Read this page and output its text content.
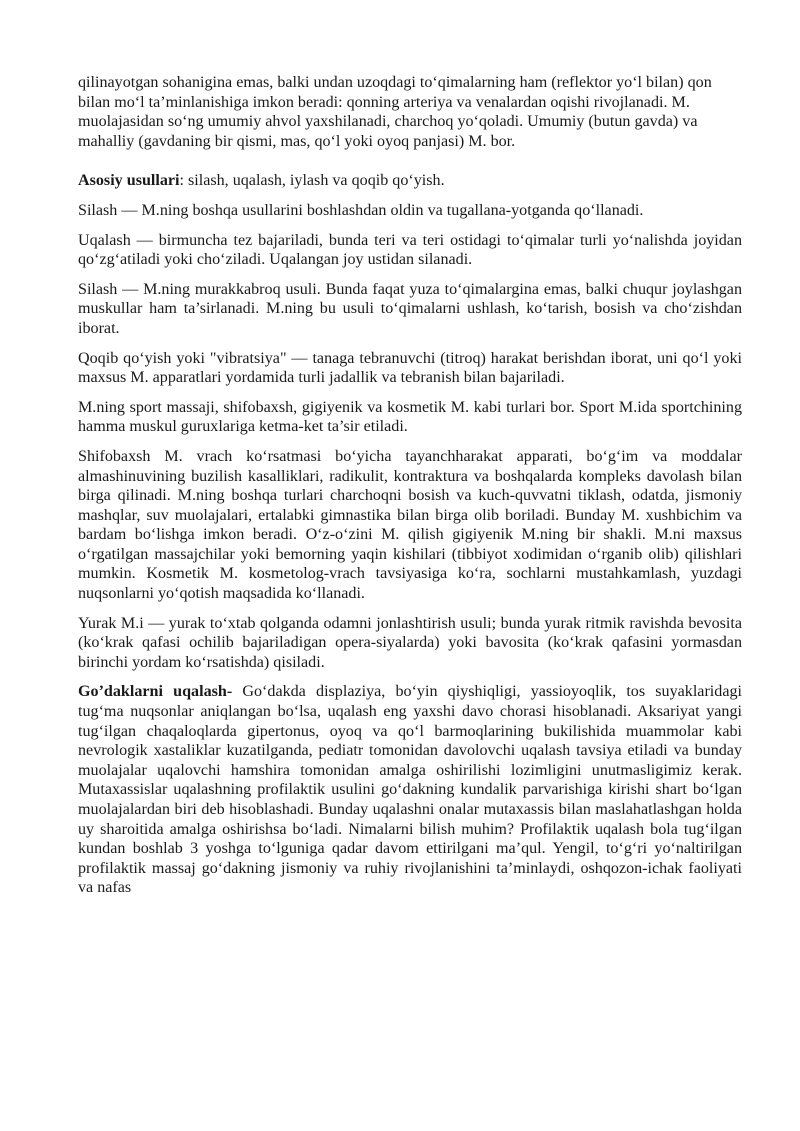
qilinayotgan sohanigina emas, balki undan uzoqdagi to‘qimalarning ham (reflektor yo‘l bilan) qon bilan mo‘l ta’minlanishiga imkon beradi: qonning arteriya va venalardan oqishi rivojlanadi. M. muolajasidan so‘ng umumiy ahvol yaxshilanadi, charchoq yo‘qoladi. Umumiy (butun gavda) va mahalliy (gavdaning bir qismi, mas, qo‘l yoki oyoq panjasi) M. bor.

Asosiy usullari: silash, uqalash, iylash va qoqib qo‘yish.

Silash — M.ning boshqa usullarini boshlashdan oldin va tugallana-yotganda qo‘llanadi.

Uqalash — birmuncha tez bajariladi, bunda teri va teri ostidagi to‘qimalar turli yo‘nalishda joyidan qo‘zg‘atiladi yoki cho‘ziladi. Uqalangan joy ustidan silanadi.

Silash — M.ning murakkabroq usuli. Bunda faqat yuza to‘qimalargina emas, balki chuqur joylashgan muskullar ham ta’sirlanadi. M.ning bu usuli to‘qimalarni ushlash, ko‘tarish, bosish va cho‘zishdan iborat.

Qoqib qo‘yish yoki "vibratsiya" — tanaga tebranuvchi (titroq) harakat berishdan iborat, uni qo‘l yoki maxsus M. apparatlari yordamida turli jadallik va tebranish bilan bajariladi.

M.ning sport massaji, shifobaxsh, gigiyenik va kosmetik M. kabi turlari bor. Sport M.ida sportchining hamma muskul guruxlariga ketma-ket ta’sir etiladi.

Shifobaxsh M. vrach ko‘rsatmasi bo‘yicha tayanchharakat apparati, bo‘g‘im va moddalar almashinuvining buzilish kasalliklari, radikulit, kontraktura va boshqalarda kompleks davolash bilan birga qilinadi. M.ning boshqa turlari charchoqni bosish va kuch-quvvatni tiklash, odatda, jismoniy mashqlar, suv muolajalari, ertalabki gimnastika bilan birga olib boriladi. Bunday M. xushbichim va bardam bo‘lishga imkon beradi. O‘z-o‘zini M. qilish gigiyenik M.ning bir shakli. M.ni maxsus o‘rgatilgan massajchilar yoki bemorning yaqin kishilari (tibbiyot xodimidan o‘rganib olib) qilishlari mumkin. Kosmetik M. kosmetolog-vrach tavsiyasiga ko‘ra, sochlarni mustahkamlash, yuzdagi nuqsonlarni yo‘qotish maqsadida ko‘llanadi.

Yurak M.i — yurak to‘xtab qolganda odamni jonlashtirish usuli; bunda yurak ritmik ravishda bevosita (ko‘krak qafasi ochilib bajariladigan opera-siyalarda) yoki bavosita (ko‘krak qafasini yormasdan birinchi yordam ko‘rsatishda) qisiladi.

Go’daklarni uqalash- Go‘dakda displaziya, bo‘yin qiyshiqligi, yassioyoqlik, tos suyaklaridagi tug‘ma nuqsonlar aniqlangan bo‘lsa, uqalash eng yaxshi davo chorasi hisoblanadi. Aksariyat yangi tug‘ilgan chaqaloqlarda gipertonus, oyoq va qo‘l barmoqlarining bukilishida muammolar kabi nevrologik xastaliklar kuzatilganda, pediatr tomonidan davolovchi uqalash tavsiya etiladi va bunday muolajalar uqalovchi hamshira tomonidan amalga oshirilishi lozimligini unutmasligimiz kerak. Mutaxassislar uqalashning profilaktik usulini go‘dakning kundalik parvarishiga kirishi shart bo‘lgan muolajalardan biri deb hisoblashadi. Bunday uqalashni onalar mutaxassis bilan maslahatlashgan holda uy sharoitida amalga oshirishsa bo‘ladi. Nimalarni bilish muhim? Profilaktik uqalash bola tug‘ilgan kundan boshlab 3 yoshga to‘lguniga qadar davom ettirilgani ma’qul. Yengil, to‘g‘ri yo‘naltirilgan profilaktik massaj go‘dakning jismoniy va ruhiy rivojlanishini ta’minlaydi, oshqozon-ichak faoliyati va nafas
